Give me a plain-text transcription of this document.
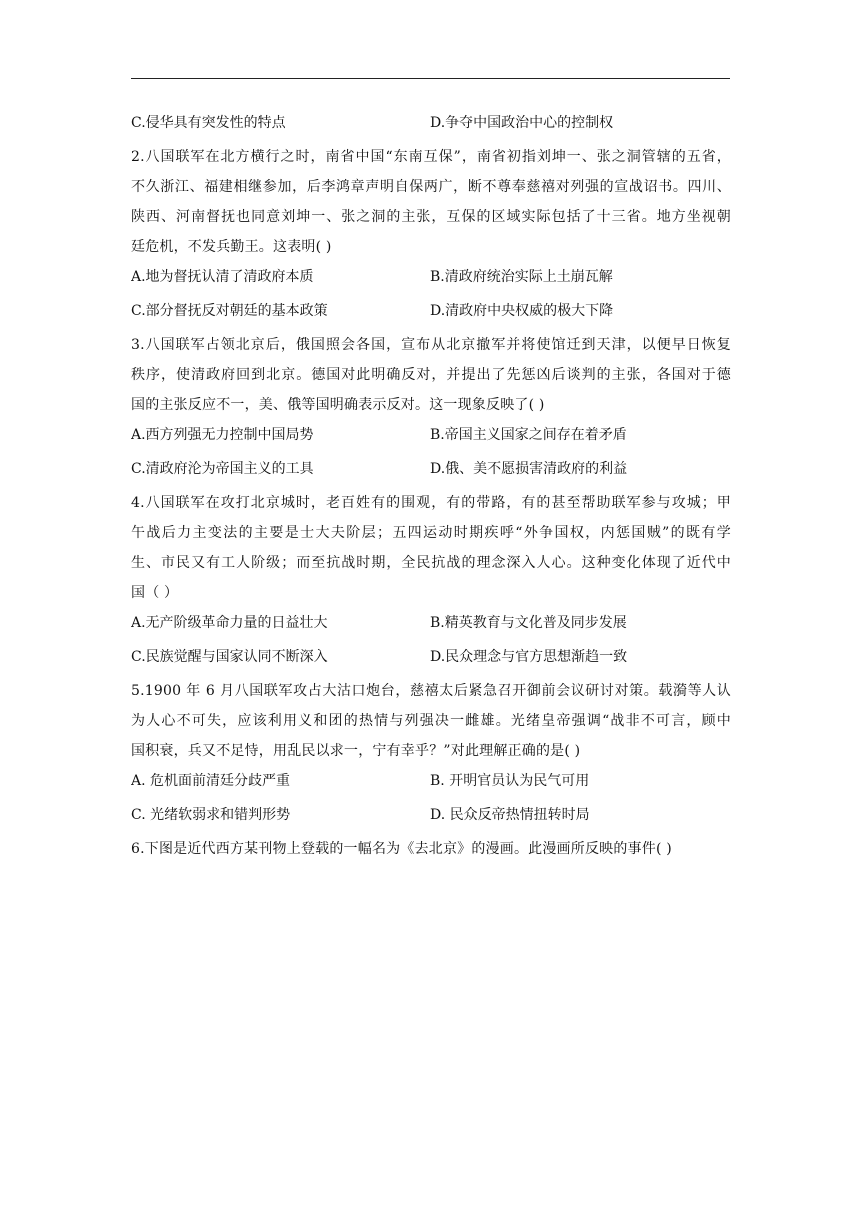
C.侵华具有突发性的特点	D.争夺中国政治中心的控制权
2.八国联军在北方横行之时，南省中国“东南互保”，南省初指刘坤一、张之洞管辖的五省，
不久浙江、福建相继参加，后李鸿章声明自保两广，断不尊奉慈禧对列强的宣战诏书。四川、
陕西、河南督抚也同意刘坤一、张之洞的主张，互保的区域实际包括了十三省。地方坐视朝
廷危机，不发兵勤王。这表明( )
A.地为督抚认清了清政府本质	B.清政府统治实际上土崩瓦解
C.部分督抚反对朝廷的基本政策	D.清政府中央权威的极大下降
3.八国联军占领北京后，俄国照会各国，宣布从北京撤军并将使馆迁到天津，以便早日恢复
秩序，使清政府回到北京。德国对此明确反对，并提出了先惩凶后谈判的主张，各国对于德
国的主张反应不一，美、俄等国明确表示反对。这一现象反映了( )
A.西方列强无力控制中国局势	B.帝国主义国家之间存在着矛盾
C.清政府沦为帝国主义的工具	D.俄、美不愿损害清政府的利益
4.八国联军在攻打北京城时，老百姓有的围观，有的带路，有的甚至帮助联军参与攻城；甲
午战后力主变法的主要是士大夫阶层；五四运动时期疾呼“外争国权，内惩国贼”的既有学
生、市民又有工人阶级；而至抗战时期，全民抗战的理念深入人心。这种变化体现了近代中
国（ ）
A.无产阶级革命力量的日益壮大	B.精英教育与文化普及同步发展
C.民族觉醒与国家认同不断深入	D.民众理念与官方思想渐趋一致
5.1900 年 6 月八国联军攻占大沽口炮台，慈禧太后紧急召开御前会议研讨对策。载漪等人认
为人心不可失，应该利用义和团的热情与列强决一雌雄。光绪皇帝强调“战非不可言，顾中
国积衰，兵又不足恃，用乱民以求一，宁有幸乎？”对此理解正确的是( )
A. 危机面前清廷分歧严重	B. 开明官员认为民气可用
C. 光绪软弱求和错判形势	D. 民众反帝热情扭转时局
6.下图是近代西方某刊物上登载的一幅名为《去北京》的漫画。此漫画所反映的事件( )
